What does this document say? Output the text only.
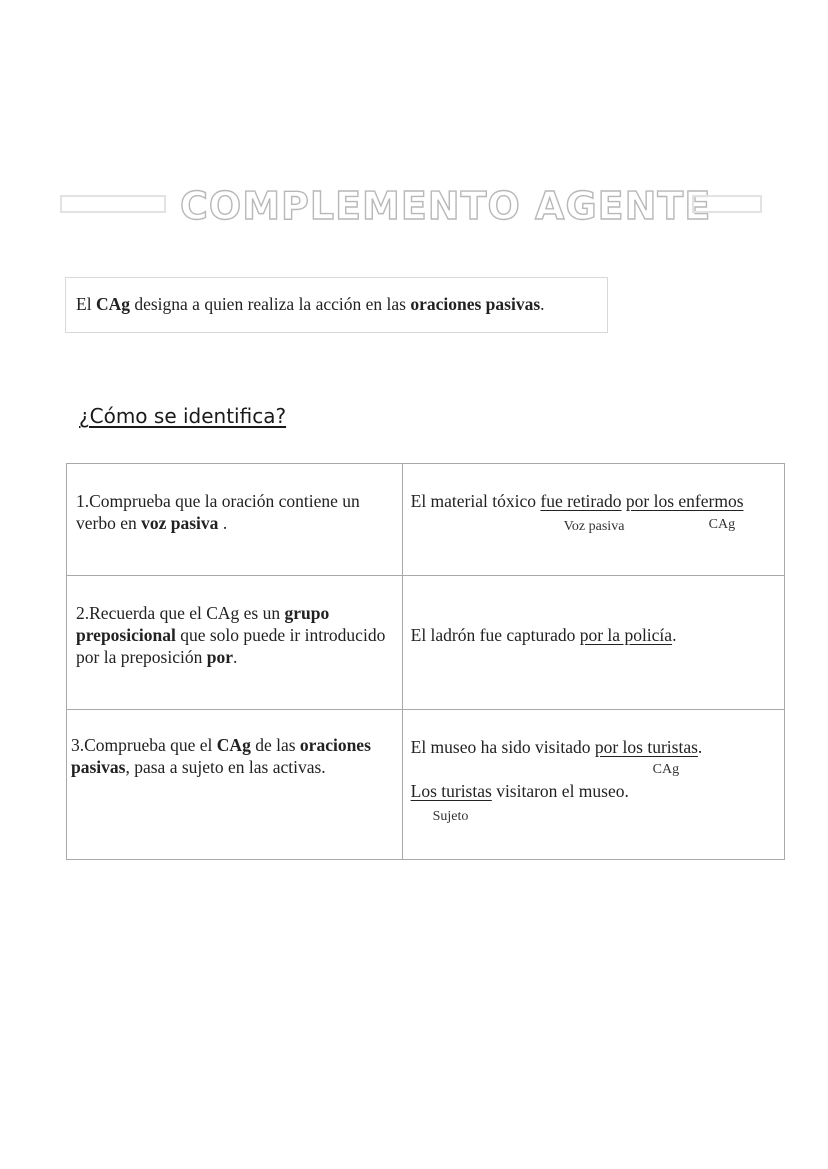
COMPLEMENTO AGENTE
El CAg designa a quien realiza la acción en las oraciones pasivas.
¿Cómo se identifica?
1.Comprueba que la oración contiene un verbo en voz pasiva .	El material tóxico fue retirado por los enfermos
Voz pasiva CAg

2.Recuerda que el CAg es un grupo preposicional que solo puede ir introducido por la preposición por.	El ladrón fue capturado por la policía.

3.Comprueba que el CAg de las oraciones pasivas, pasa a sujeto en las activas.	El museo ha sido visitado por los turistas.
CAg
Los turistas visitaron el museo.
Sujeto
